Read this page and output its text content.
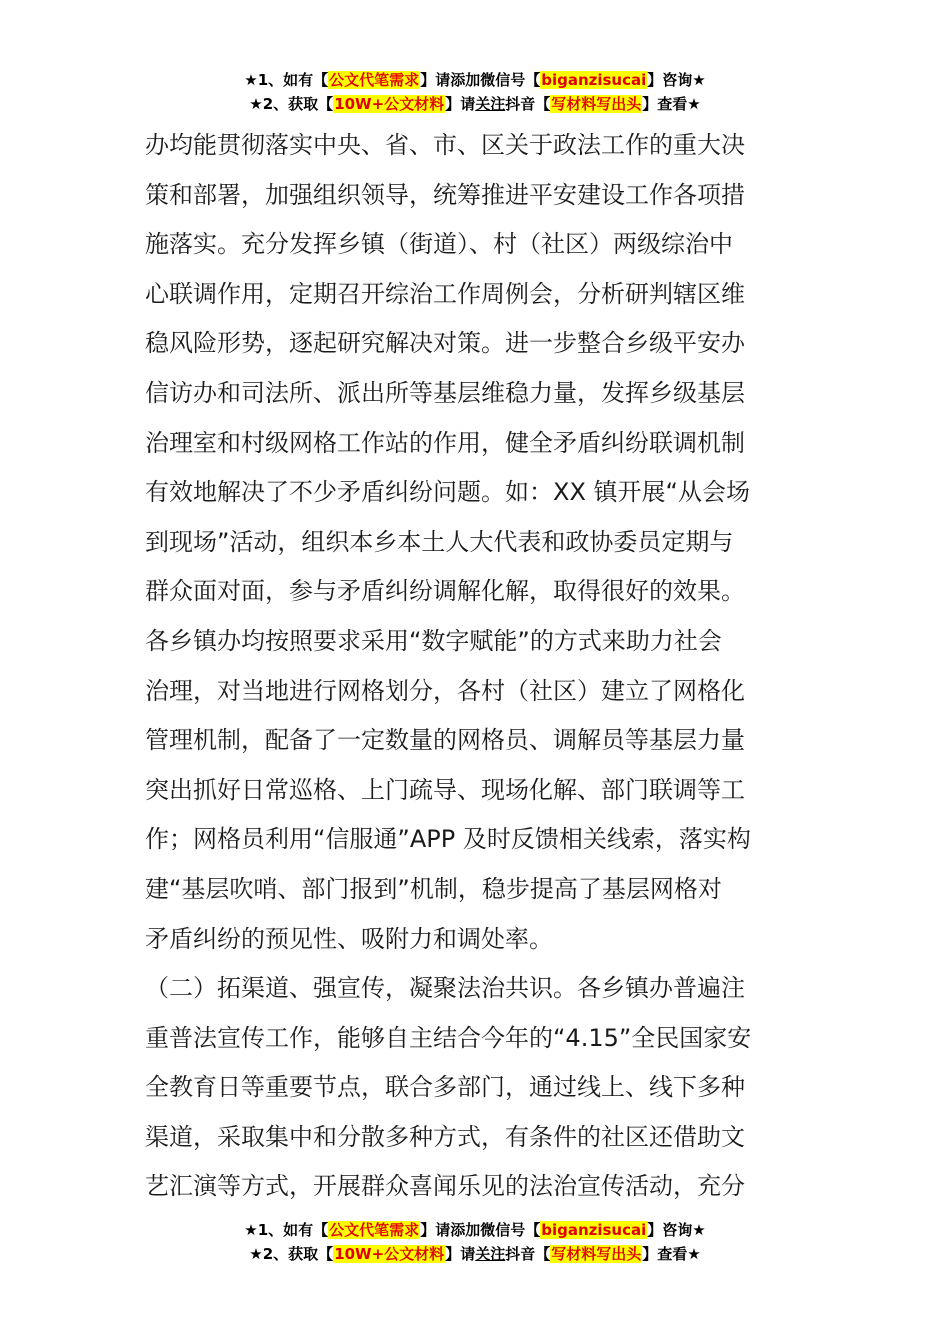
★1、如有【公文代笔需求】请添加微信号【biganzisucai】咨询★
★2、获取【10W+公文材料】请关注抖音【写材料写出头】查看★
办均能贯彻落实中央、省、市、区关于政法工作的重大决
策和部署，加强组织领导，统筹推进平安建设工作各项措
施落实。充分发挥乡镇（街道）、村（社区）两级综治中
心联调作用，定期召开综治工作周例会，分析研判辖区维
稳风险形势，逐起研究解决对策。进一步整合乡级平安办
信访办和司法所、派出所等基层维稳力量，发挥乡级基层
治理室和村级网格工作站的作用，健全矛盾纠纷联调机制
有效地解决了不少矛盾纠纷问题。如：XX 镇开展“从会场
到现场”活动，组织本乡本土人大代表和政协委员定期与
群众面对面，参与矛盾纠纷调解化解，取得很好的效果。
各乡镇办均按照要求采用“数字赋能”的方式来助力社会
治理，对当地进行网格划分，各村（社区）建立了网格化
管理机制，配备了一定数量的网格员、调解员等基层力量
突出抓好日常巡格、上门疏导、现场化解、部门联调等工
作；网格员利用“信服通”APP 及时反馈相关线索，落实构
建“基层吹哨、部门报到”机制，稳步提高了基层网格对
矛盾纠纷的预见性、吸附力和调处率。
（二）拓渠道、强宣传，凝聚法治共识。各乡镇办普遍注
重普法宣传工作，能够自主结合今年的“4.15”全民国家安
全教育日等重要节点，联合多部门，通过线上、线下多种
渠道，采取集中和分散多种方式，有条件的社区还借助文
艺汇演等方式，开展群众喜闻乐见的法治宣传活动，充分
★1、如有【公文代笔需求】请添加微信号【biganzisucai】咨询★
★2、获取【10W+公文材料】请关注抖音【写材料写出头】查看★
